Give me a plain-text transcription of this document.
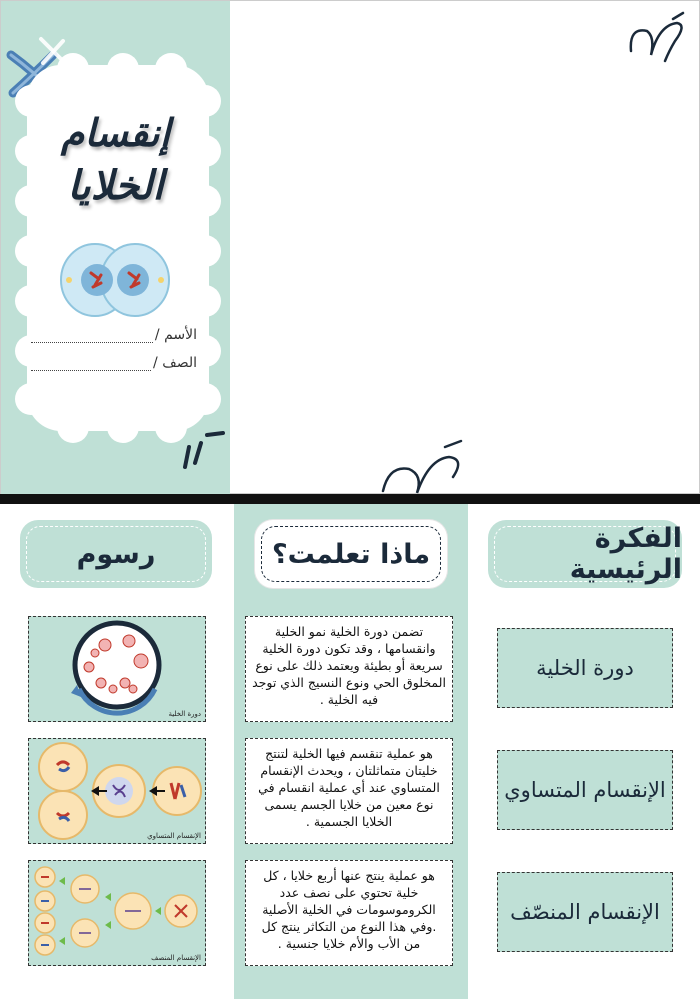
إنقسام
الخلايا
الأسم /
الصف /
رسوم	ماذا تعلمت؟	الفكرة الرئيسية
دورة الخلية
الإنقسام المتساوي
الإنقسام المنصف
تضمن دورة الخلية نمو الخلية وانقسامها ، وقد تكون دورة الخلية سريعة أو بطيئة ويعتمد ذلك على نوع المخلوق الحي ونوع النسيج الذي توجد فيه الخلية .
هو عملية تنقسم فيها الخلية لتنتج خليتان متماثلتان ، ويحدث الإنقسام المتساوي عند أي عملية انقسام في نوع معين من خلايا الجسم يسمى الخلايا الجسمية .
هو عملية ينتج عنها أربع خلايا ، كل خلية تحتوي على نصف عدد الكروموسومات في الخلية الأصلية .وفي هذا النوع من التكاثر ينتج كل من الأب والأم خلايا جنسية .
دورة الخلية
الإنقسام المتساوي
الإنقسام المنصّف
